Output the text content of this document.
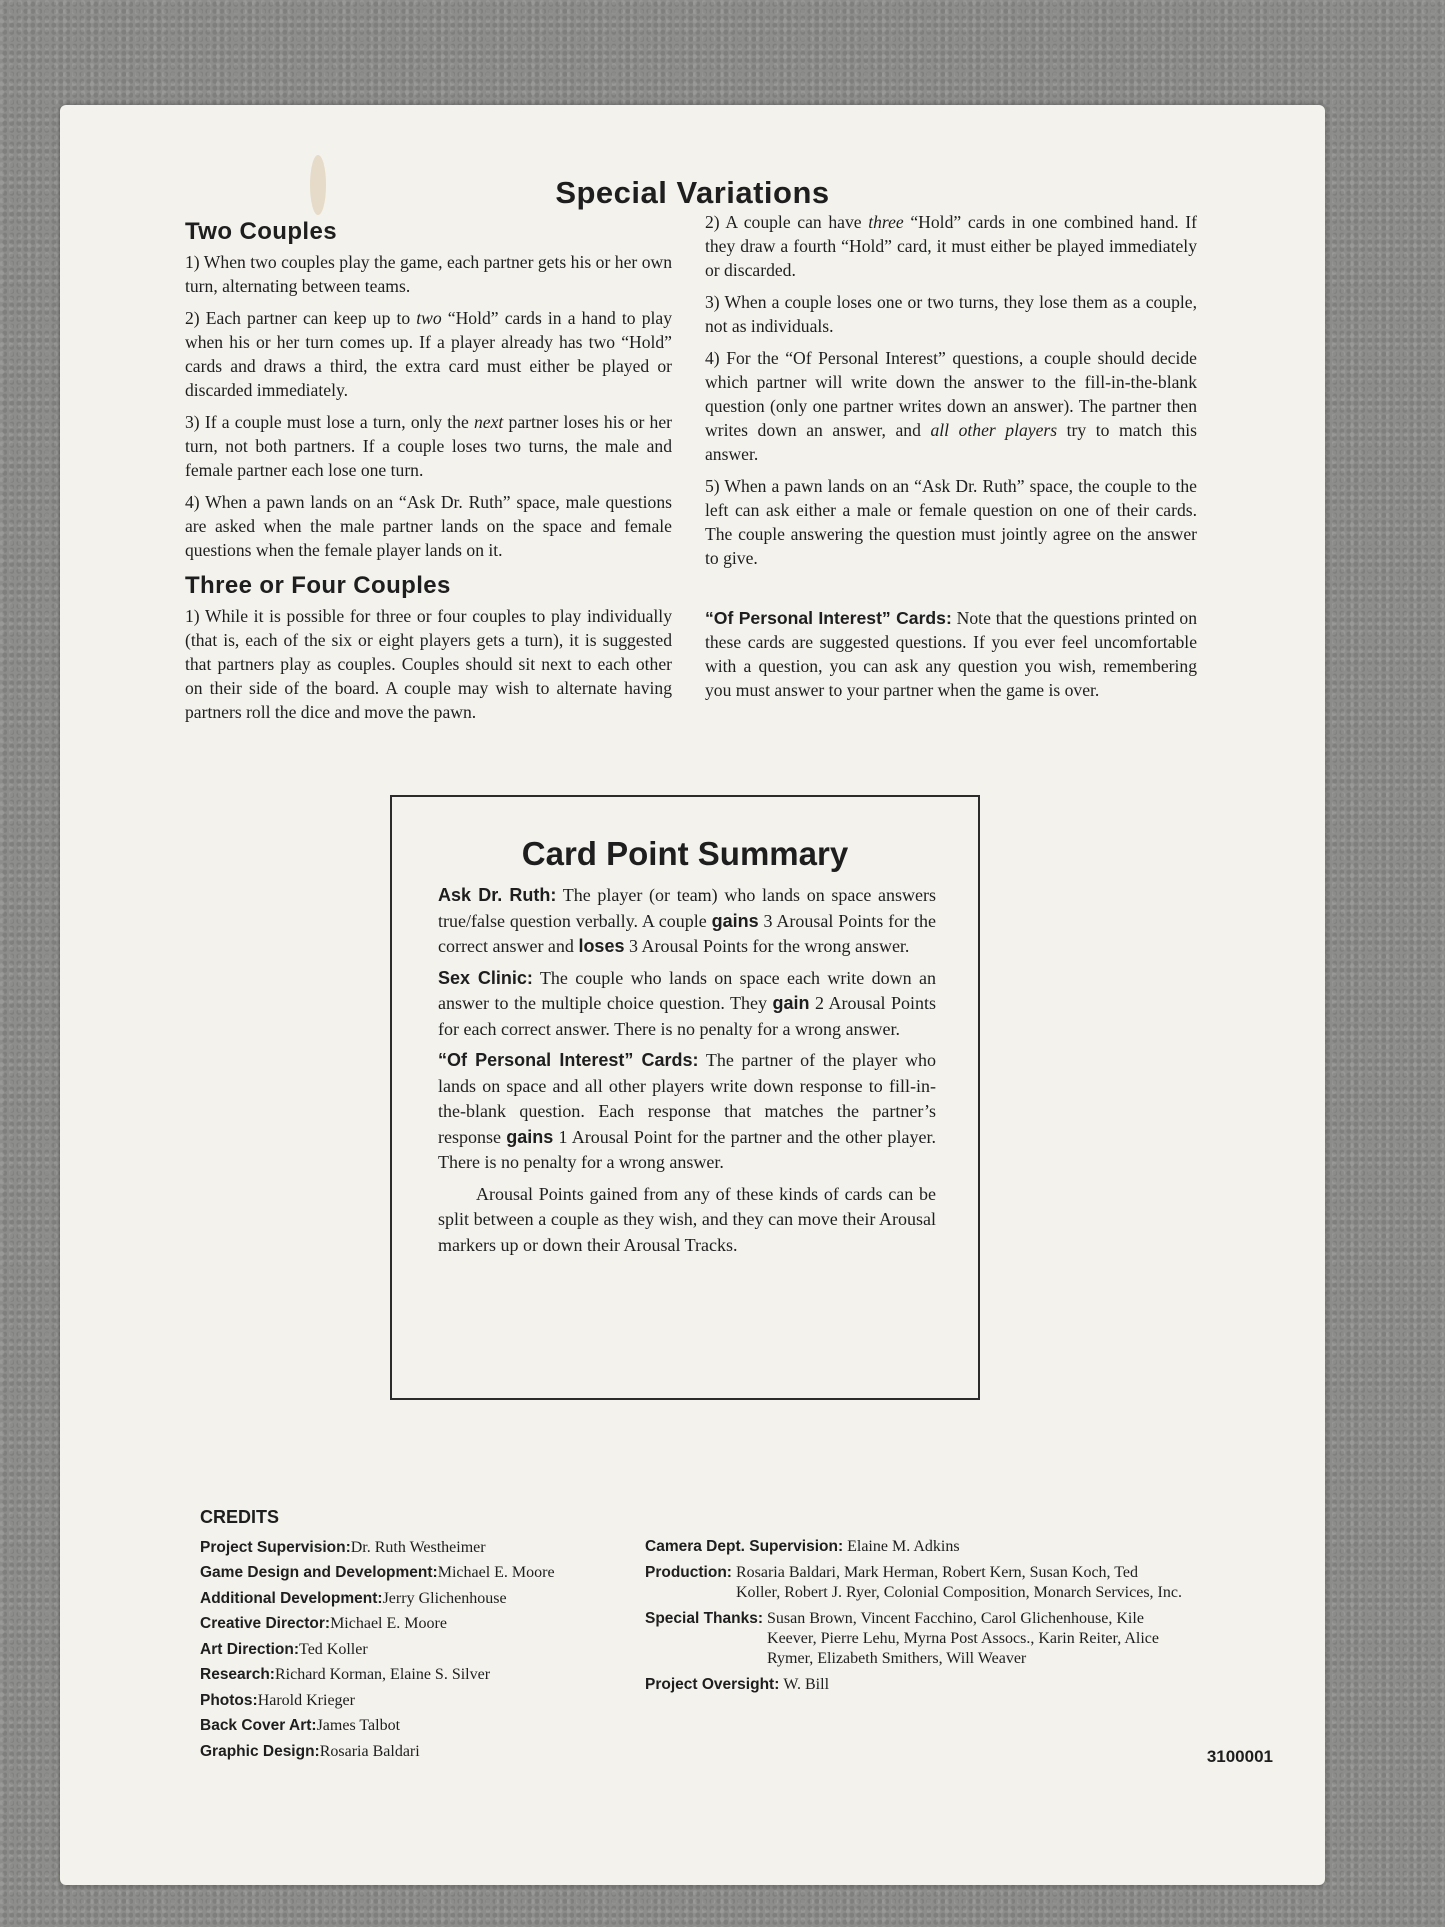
Special Variations
Two Couples

1) When two couples play the game, each partner gets his or her own turn, alternating between teams.

2) Each partner can keep up to two “Hold” cards in a hand to play when his or her turn comes up. If a player already has two “Hold” cards and draws a third, the extra card must either be played or discarded immediately.

3) If a couple must lose a turn, only the next partner loses his or her turn, not both partners. If a couple loses two turns, the male and female partner each lose one turn.

4) When a pawn lands on an “Ask Dr. Ruth” space, male questions are asked when the male partner lands on the space and female questions when the female player lands on it.

Three or Four Couples

1) While it is possible for three or four couples to play individually (that is, each of the six or eight players gets a turn), it is suggested that partners play as couples. Couples should sit next to each other on their side of the board. A couple may wish to alternate having partners roll the dice and move the pawn.

2) A couple can have three “Hold” cards in one combined hand. If they draw a fourth “Hold” card, it must either be played immediately or discarded.

3) When a couple loses one or two turns, they lose them as a couple, not as individuals.

4) For the “Of Personal Interest” questions, a couple should decide which partner will write down the answer to the fill-in-the-blank question (only one partner writes down an answer). The partner then writes down an answer, and all other players try to match this answer.

5) When a pawn lands on an “Ask Dr. Ruth” space, the couple to the left can ask either a male or female question on one of their cards. The couple answering the question must jointly agree on the answer to give.

“Of Personal Interest” Cards: Note that the questions printed on these cards are suggested questions. If you ever feel uncomfortable with a question, you can ask any question you wish, remembering you must answer to your partner when the game is over.

Card Point Summary

Ask Dr. Ruth: The player (or team) who lands on space answers true/false question verbally. A couple gains 3 Arousal Points for the correct answer and loses 3 Arousal Points for the wrong answer.

Sex Clinic: The couple who lands on space each write down an answer to the multiple choice question. They gain 2 Arousal Points for each correct answer. There is no penalty for a wrong answer.

“Of Personal Interest” Cards: The partner of the player who lands on space and all other players write down response to fill-in-the-blank question. Each response that matches the partner’s response gains 1 Arousal Point for the partner and the other player. There is no penalty for a wrong answer.

Arousal Points gained from any of these kinds of cards can be split between a couple as they wish, and they can move their Arousal markers up or down their Arousal Tracks.

CREDITS
Project Supervision:Dr. Ruth Westheimer
Game Design and Development:Michael E. Moore
Additional Development:Jerry Glichenhouse
Creative Director:Michael E. Moore
Art Direction:Ted Koller
Research:Richard Korman, Elaine S. Silver
Photos:Harold Krieger
Back Cover Art:James Talbot
Graphic Design:Rosaria Baldari
Camera Dept. Supervision: Elaine M. Adkins
Production: Rosaria Baldari, Mark Herman, Robert Kern, Susan Koch, Ted Koller, Robert J. Ryer, Colonial Composition, Monarch Services, Inc.
Special Thanks: Susan Brown, Vincent Facchino, Carol Glichenhouse, Kile Keever, Pierre Lehu, Myrna Post Assocs., Karin Reiter, Alice Rymer, Elizabeth Smithers, Will Weaver
Project Oversight: W. Bill
3100001
